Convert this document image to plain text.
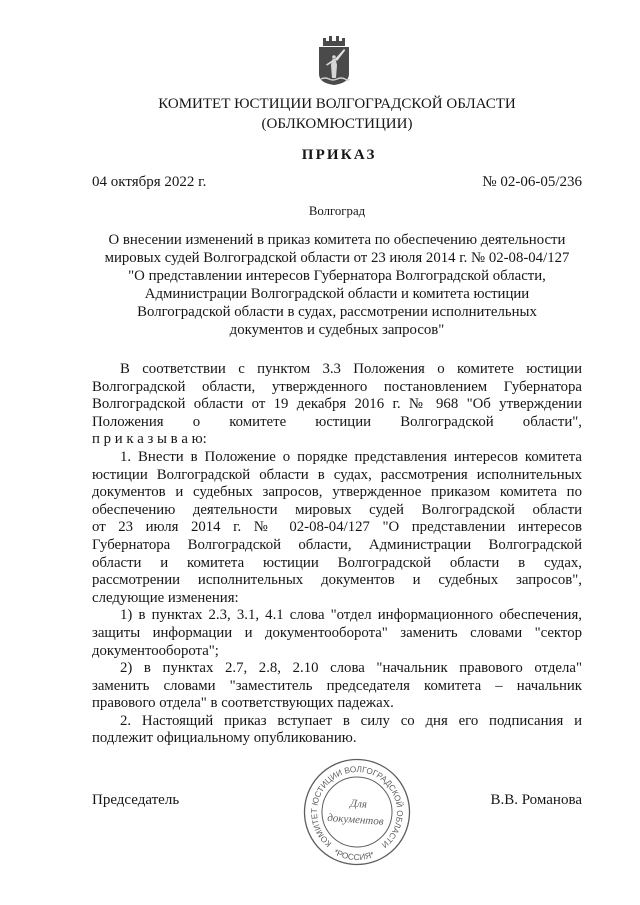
КОМИТЕТ ЮСТИЦИИ ВОЛГОГРАДСКОЙ ОБЛАСТИ
(ОБЛКОМЮСТИЦИИ)
ПРИКАЗ
04 октября 2022 г.	№ 02-06-05/236
Волгоград
О внесении изменений в приказ комитета по обеспечению деятельности
мировых судей Волгоградской области от 23 июля 2014 г. № 02-08-04/127
"О представлении интересов Губернатора Волгоградской области,
Администрации Волгоградской области и комитета юстиции
Волгоградской области в судах, рассмотрении исполнительных
документов и судебных запросов"
В соответствии с пунктом 3.3 Положения о комитете юстиции
Волгоградской области, утвержденного постановлением Губернатора
Волгоградской области от 19 декабря 2016 г. № 968 "Об утверждении
Положения о комитете юстиции Волгоградской области",
п р и к а з ы в а ю:
1. Внести в Положение о порядке представления интересов комитета
юстиции Волгоградской области в судах, рассмотрения исполнительных
документов и судебных запросов, утвержденное приказом комитета по
обеспечению деятельности мировых судей Волгоградской области
от 23 июля 2014 г. № 02-08-04/127 "О представлении интересов
Губернатора Волгоградской области, Администрации Волгоградской
области и комитета юстиции Волгоградской области в судах,
рассмотрении исполнительных документов и судебных запросов",
следующие изменения:
1) в пунктах 2.3, 3.1, 4.1 слова "отдел информационного обеспечения,
защиты информации и документооборота" заменить словами "сектор
документооборота";
2) в пунктах 2.7, 2.8, 2.10 слова "начальник правового отдела"
заменить словами "заместитель председателя комитета – начальник
правового отдела" в соответствующих падежах.
2. Настоящий приказ вступает в силу со дня его подписания и
подлежит официальному опубликованию.
Председатель	В.В. Романова
КОМИТЕТ ЮСТИЦИИ ВОЛГОГРАДСКОЙ ОБЛАСТИ
*РОССИЯ*
Для
документов
